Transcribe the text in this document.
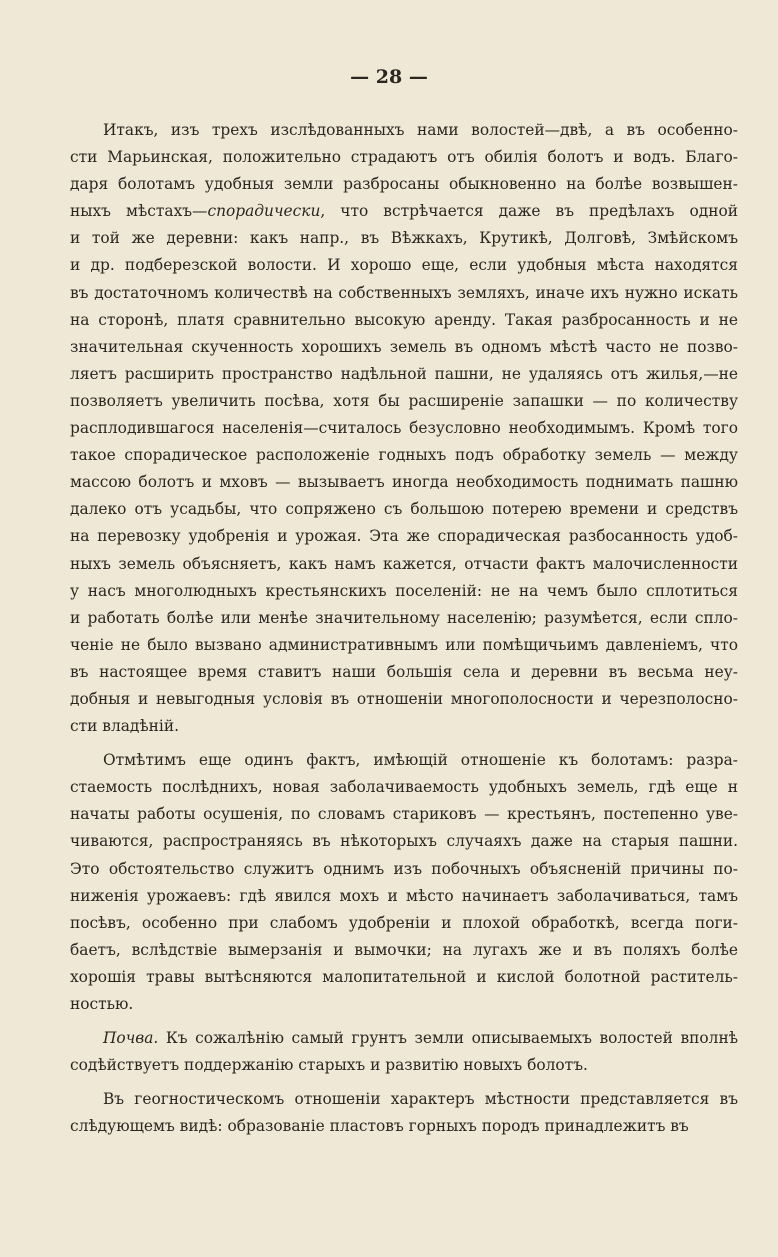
— 28 —

Итакъ, изъ трехъ изслѣдованныхъ нами волостей—двѣ, а въ особенно-
сти Марьинская, положительно страдаютъ отъ обилія болотъ и водъ. Благо-
даря болотамъ удобныя земли разбросаны обыкновенно на болѣе возвышен-
ныхъ мѣстахъ—спорадически, что встрѣчается даже въ предѣлахъ одной
и той же деревни: какъ напр., въ Вѣжкахъ, Крутикѣ, Долговѣ, Змѣйскомъ
и др. подберезской волости. И хорошо еще, если удобныя мѣста находятся
въ достаточномъ количествѣ на собственныхъ земляхъ, иначе ихъ нужно искать
на сторонѣ, платя сравнительно высокую аренду. Такая разбросанность и не
значительная скученность хорошихъ земель въ одномъ мѣстѣ часто не позво-
ляетъ расширить пространство надѣльной пашни, не удаляясь отъ жилья,—не
позволяетъ увеличить посѣва, хотя бы расширеніе запашки — по количеству
расплодившагося населенія—считалось безусловно необходимымъ. Кромѣ того
такое спорадическое расположеніе годныхъ подъ обработку земель — между
массою болотъ и мховъ — вызываетъ иногда необходимость поднимать пашню
далеко отъ усадьбы, что сопряжено съ большою потерею времени и средствъ
на перевозку удобренія и урожая. Эта же спорадическая разбосанность удоб-
ныхъ земель объясняетъ, какъ намъ кажется, отчасти фактъ малочисленности
у насъ многолюдныхъ крестьянскихъ поселеній: не на чемъ было сплотиться
и работать болѣе или менѣе значительному населенію; разумѣется, если спло-
ченіе не было вызвано административнымъ или помѣщичьимъ давленіемъ, что
въ настоящее время ставитъ наши большія села и деревни въ весьма неу-
добныя и невыгодныя условія въ отношеніи многополосности и черезполосно-
сти владѣній.

Отмѣтимъ еще одинъ фактъ, имѣющій отношеніе къ болотамъ: разра-
стаемость послѣднихъ, новая заболачиваемость удобныхъ земель, гдѣ еще н
начаты работы осушенія, по словамъ стариковъ — крестьянъ, постепенно уве-
чиваются, распространяясь въ нѣкоторыхъ случаяхъ даже на старыя пашни.
Это обстоятельство служитъ однимъ изъ побочныхъ объясненій причины по-
ниженія урожаевъ: гдѣ явился мохъ и мѣсто начинаетъ заболачиваться, тамъ
посѣвъ, особенно при слабомъ удобреніи и плохой обработкѣ, всегда поги-
баетъ, вслѣдствіе вымерзанія и вымочки; на лугахъ же и въ поляхъ болѣе
хорошія травы вытѣсняются малопитательной и кислой болотной раститель-
ностью.

Почва. Къ сожалѣнію самый грунтъ земли описываемыхъ волостей вполнѣ
содѣйствуетъ поддержанію старыхъ и развитію новыхъ болотъ.

Въ геогностическомъ отношеніи характеръ мѣстности представляется въ
слѣдующемъ видѣ: образованіе пластовъ горныхъ породъ принадлежитъ въ
